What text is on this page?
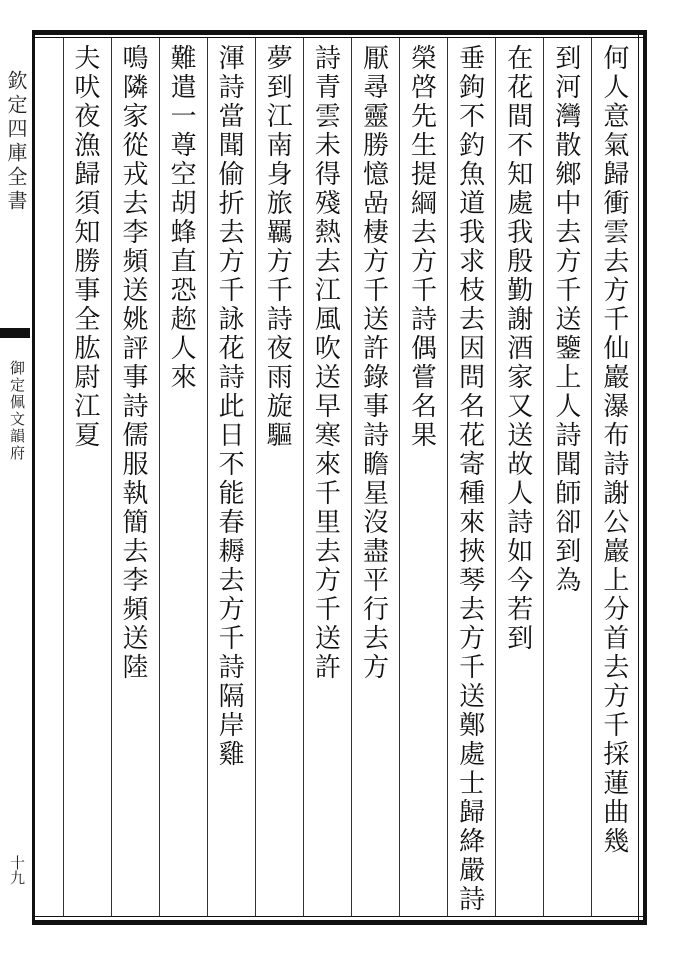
欽定四庫全書
御定佩文韻府
十九
何人意氣歸衝雲去方千仙巖瀑布詩謝公巖上分首去方千採蓮曲幾
到河灣散鄉中去方千送鑒上人詩聞師卻到為
在花間不知處我殷勤謝酒家又送故人詩如今若到
垂鉤不釣魚道我求枝去因問名花寄種來挾琴去方千送鄭處士歸絳嚴詩
榮啓先生提綱去方千詩偶嘗名果
厭尋靈勝憶嵒棲方千送許錄事詩瞻星沒盡平行去方
詩青雲未得殘熱去江風吹送早寒來千里去方千送許
夢到江南身旅羈方千詩夜雨旋驅
渾詩當聞偷折去方千詠花詩此日不能春耨去方千詩隔岸雞
難遣一尊空胡蜂直恐趂人來
鳴隣家從戎去李頻送姚評事詩儒服執簡去李頻送陸
夫吠夜漁歸須知勝事全肱尉江夏
